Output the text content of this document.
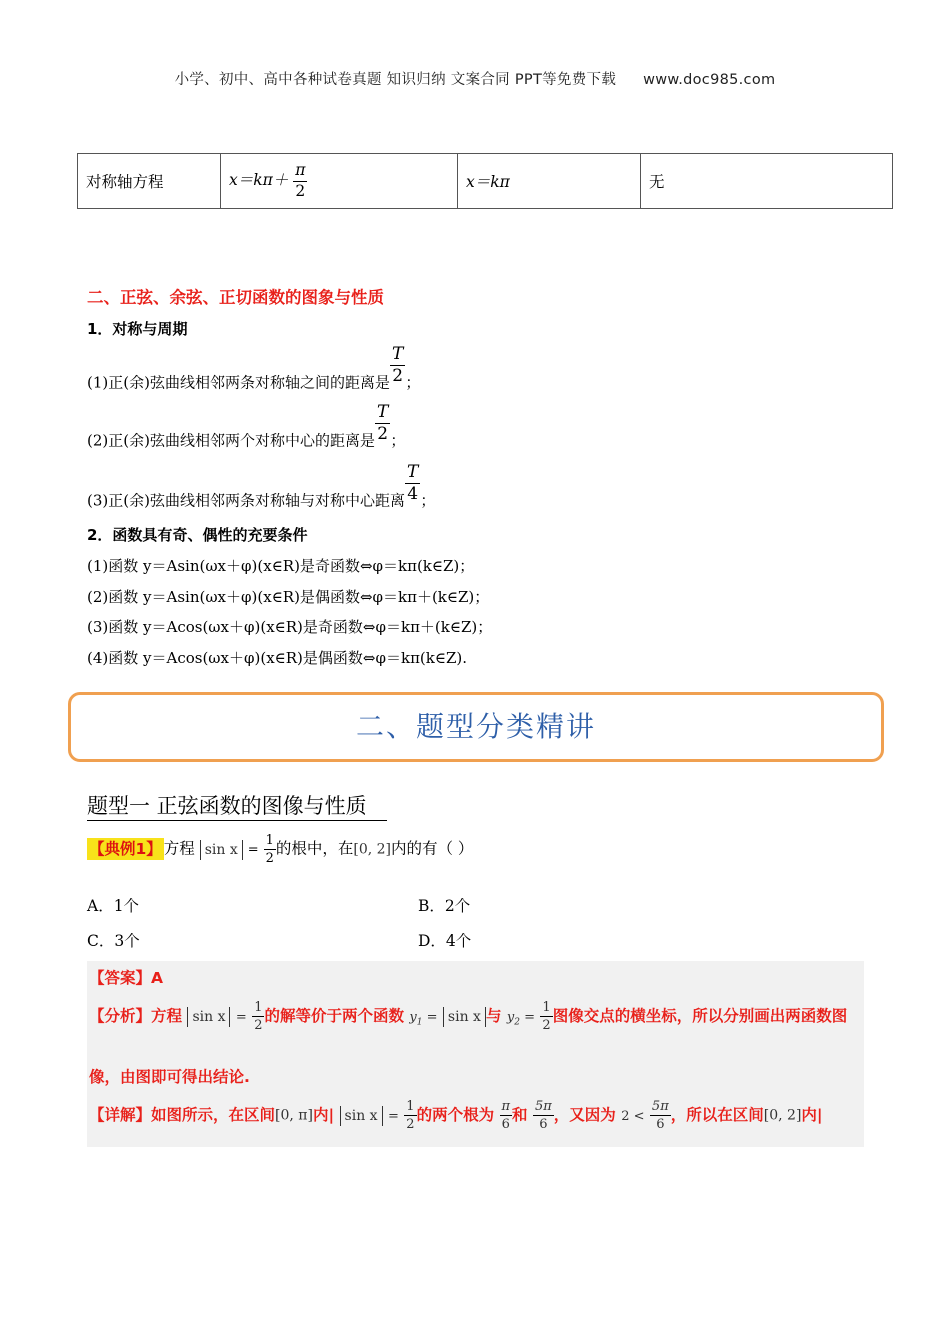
小学、初中、高中各种试卷真题 知识归纳 文案合同 PPT等免费下载 www.doc985.com
对称轴方程	$x=k\pi+ \frac{\pi}{2}$	x＝kπ	无
二、正弦、余弦、正切函数的图象与性质
1．对称与周期
(1)正(余)弦曲线相邻两条对称轴之间的距离是 $\frac{T}{2}$ ；
(2)正(余)弦曲线相邻两个对称中心的距离是 $\frac{T}{2}$ ；
(3)正(余)弦曲线相邻两条对称轴与对称中心距离 $\frac{T}{4}$ ；
2．函数具有奇、偶性的充要条件
(1)函数 y＝Asin(ωx＋φ)(x∈R)是奇函数⇔φ＝kπ(k∈Z)；
(2)函数 y＝Asin(ωx＋φ)(x∈R)是偶函数⇔φ＝kπ＋(k∈Z)；
(3)函数 y＝Acos(ωx＋φ)(x∈R)是奇函数⇔φ＝kπ＋(k∈Z)；
(4)函数 y＝Acos(ωx＋φ)(x∈R)是偶函数⇔φ＝kπ(k∈Z).
二、题型分类精讲
题型一 正弦函数的图像与性质
【典例1】 方程 $\sin x = \frac{1}{2}$ 的根中，在[0, 2]内的有（ ）
A．1个	B．2个
C．3个	D．4个
【答案】A
【分析】方程 $\sin x = \frac{1}{2}$ 的解等价于两个函数 $y_1 = \sin x$ 与 $y_2 = \frac{1}{2}$ 图像交点的横坐标，所以分别画出两函数图
像，由图即可得出结论.
【详解】如图所示，在区间[0, π]内| $\sin x = \frac{1}{2}$ 的两个根为 $\frac{\pi}{6}$ 和 $\frac{5\pi}{6}$ ，又因为 $2 < \frac{5\pi}{6}$ ，所以在区间[0, 2]内|
